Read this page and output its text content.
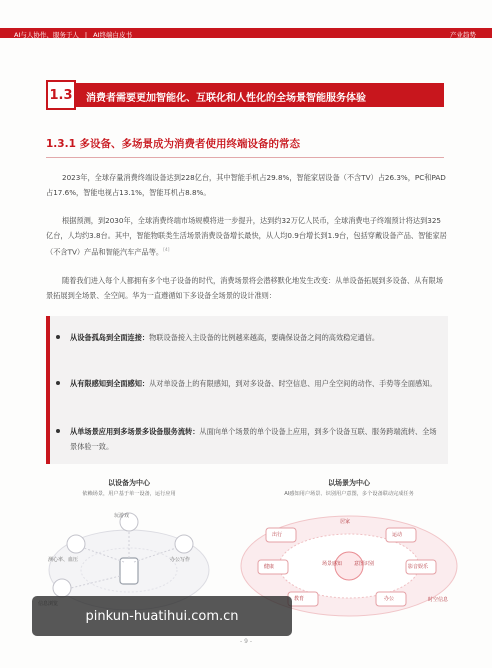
AI与人协作、服务于人 | AI终端白皮书	产业趋势
1.3	消费者需要更加智能化、互联化和人性化的全场景智能服务体验
1.3.1 多设备、多场景成为消费者使用终端设备的常态
2023年，全球存量消费终端设备达到228亿台，其中智能手机占29.8%，智能家居设备（不含TV）占26.3%，PC和PAD占17.6%，智能电视占13.1%，智能耳机占8.8%。
根据预测，到2030年，全球消费终端市场规模将进一步提升，达到约32万亿人民币，全球消费电子终端预计将达到325亿台，人均约3.8台。其中，智能物联类生活场景消费设备增长最快，从人均0.9台增长到1.9台，包括穿戴设备产品、智能家居（不含TV）产品和智能汽车产品等。[4]
随着我们进入每个人都拥有多个电子设备的时代，消费场景将会潜移默化地发生改变：从单设备拓展到多设备、从有限场景拓展到全场景、全空间。华为一直遵循如下多设备全场景的设计准则：
从设备孤岛到全面连接：物联设备接入主设备的比例越来越高，要确保设备之间的高效稳定通信。
从有限感知到全面感知：从对单设备上的有限感知，到对多设备、时空信息、用户全空间的动作、手势等全面感知。
从单场景应用到多场景多设备服务流转：从面向单个场景的单个设备上应用，到多个设备互联、服务跨端流转、全场景体验一致。
以设备为中心
依赖场景，用户基于单一设备，运行应用
玩游戏
测心率、血压	办公写作
以场景为中心
AI感知用户场景、识别用户意图，多个设备联动完成任务
出行
场景感知 意图识别
运动
健康
教育	办公
影音娱乐
居家
时空信息
pinkun-huatihui.com.cn
- 9 -
